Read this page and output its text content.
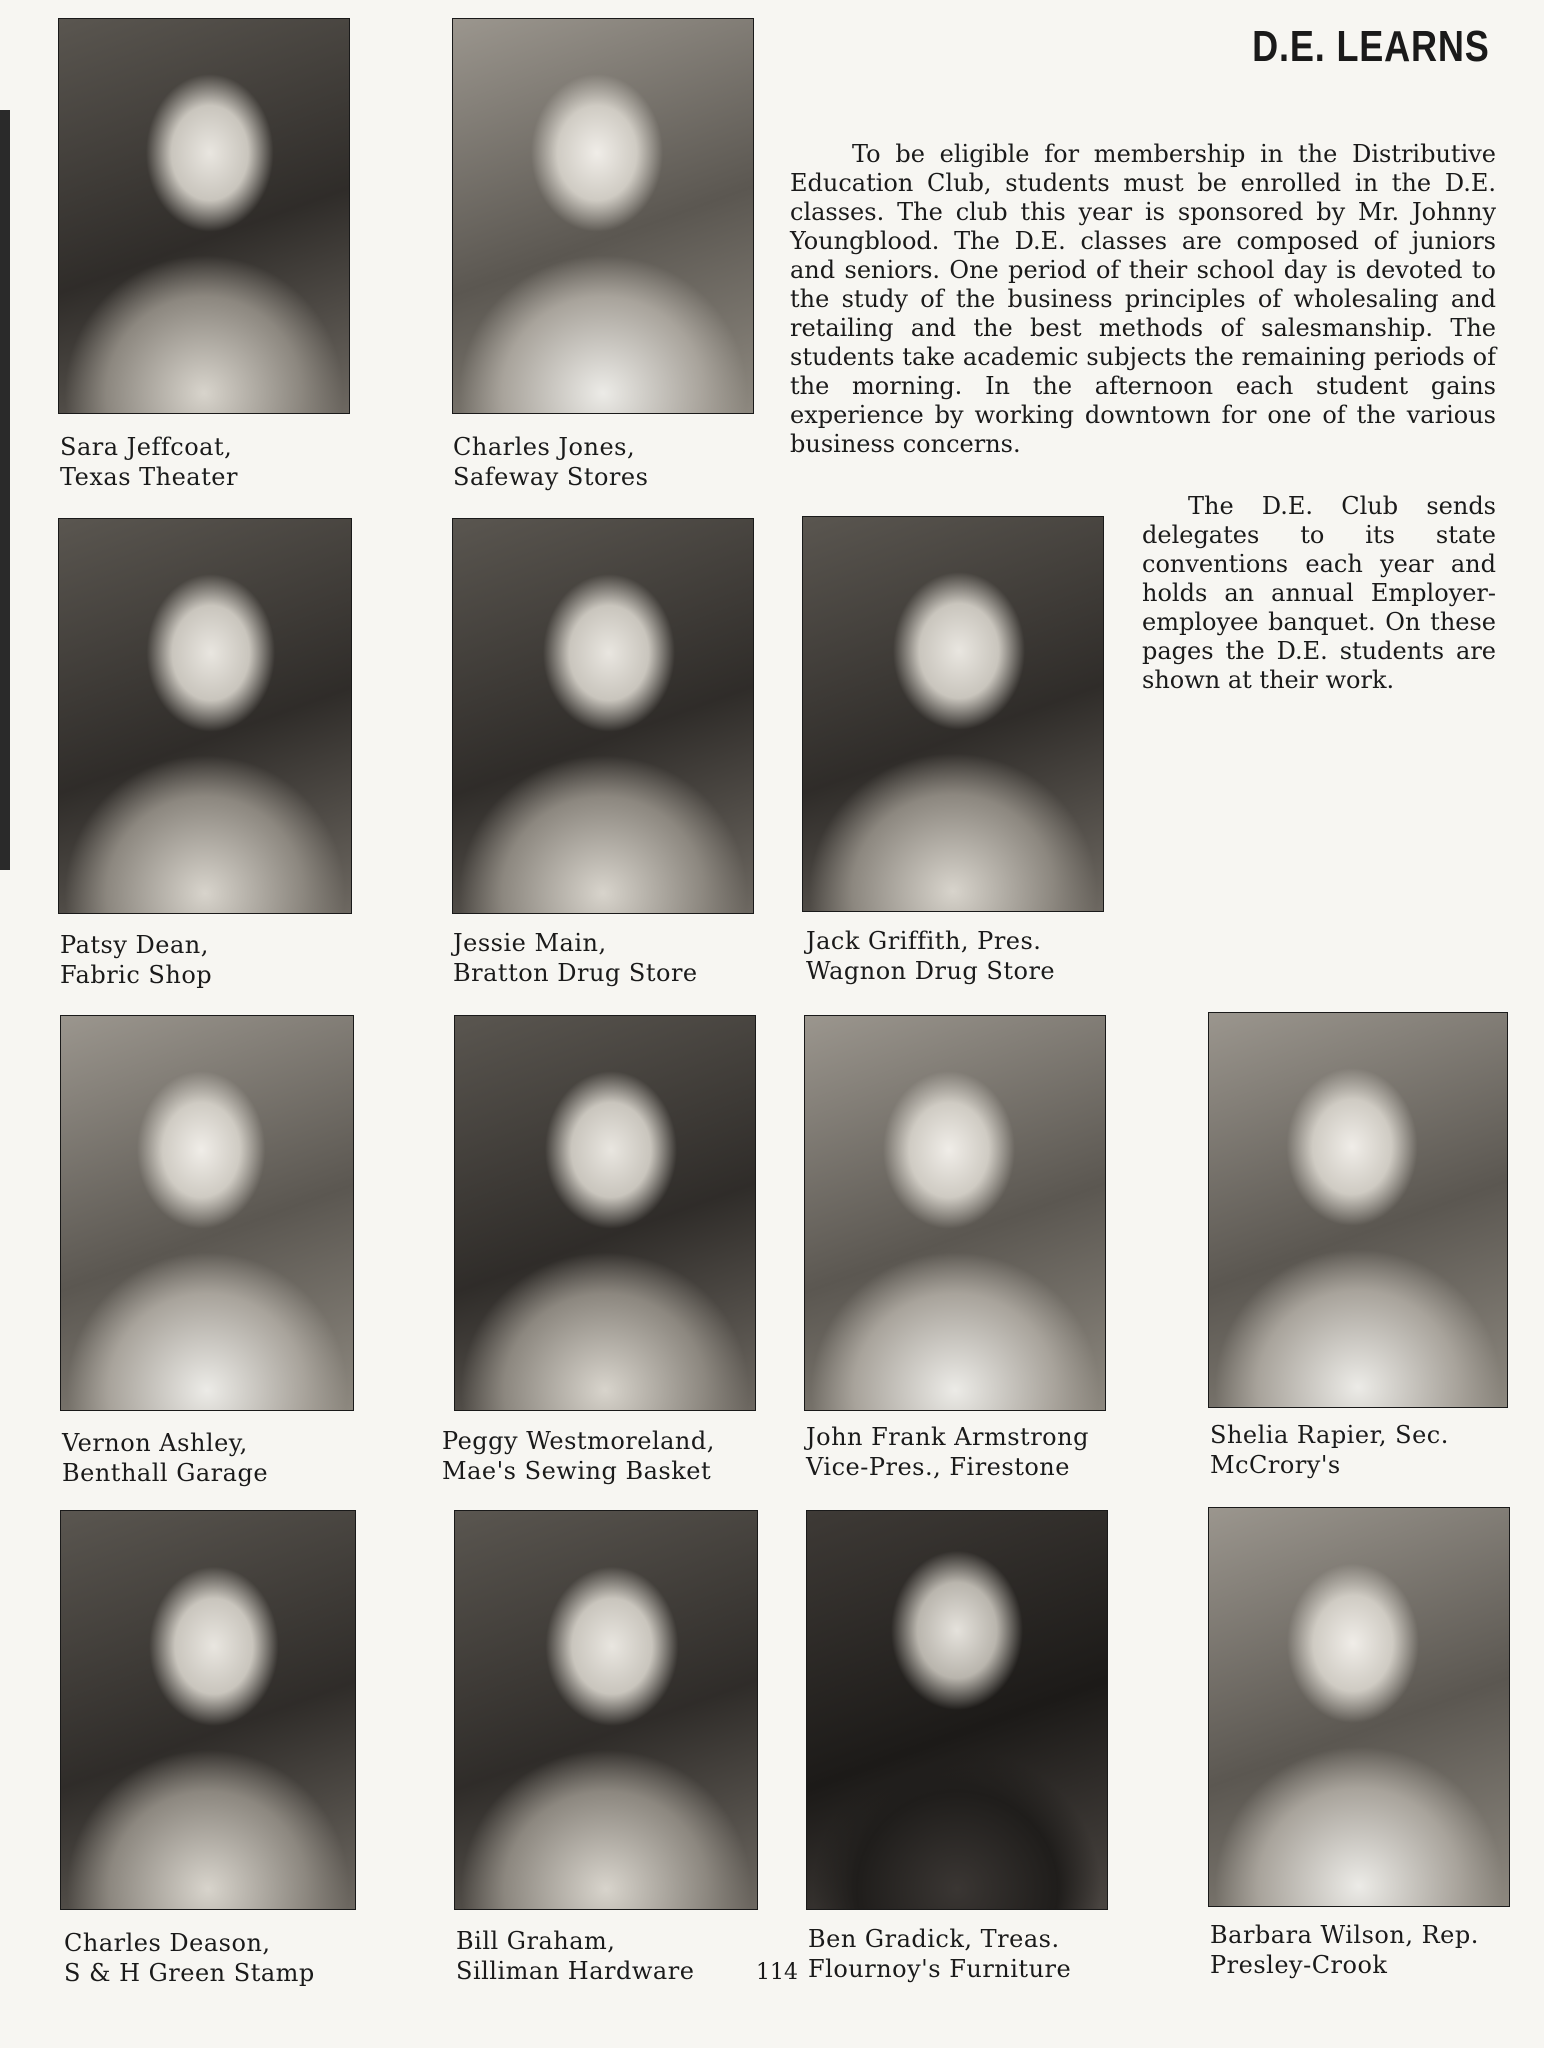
D.E. LEARNS

To be eligible for membership in the Distributive Education Club, students must be enrolled in the D.E. classes. The club this year is sponsored by Mr. Johnny Youngblood. The D.E. classes are composed of juniors and seniors. One period of their school day is devoted to the study of the business principles of wholesaling and retailing and the best methods of salesmanship. The students take academic subjects the remaining periods of the morning. In the afternoon each student gains experience by working downtown for one of the various business concerns.

The D.E. Club sends delegates to its state conventions each year and holds an annual Employer-employee banquet. On these pages the D.E. students are shown at their work.

Sara Jeffcoat,
Texas Theater
Charles Jones,
Safeway Stores
Patsy Dean,
Fabric Shop
Jessie Main,
Bratton Drug Store
Jack Griffith, Pres.
Wagnon Drug Store
Vernon Ashley,
Benthall Garage
Peggy Westmoreland,
Mae's Sewing Basket
John Frank Armstrong
Vice-Pres., Firestone
Shelia Rapier, Sec.
McCrory's
Charles Deason,
S & H Green Stamp
Bill Graham,
Silliman Hardware
Ben Gradick, Treas.
Flournoy's Furniture
Barbara Wilson, Rep.
Presley-Crook
114
